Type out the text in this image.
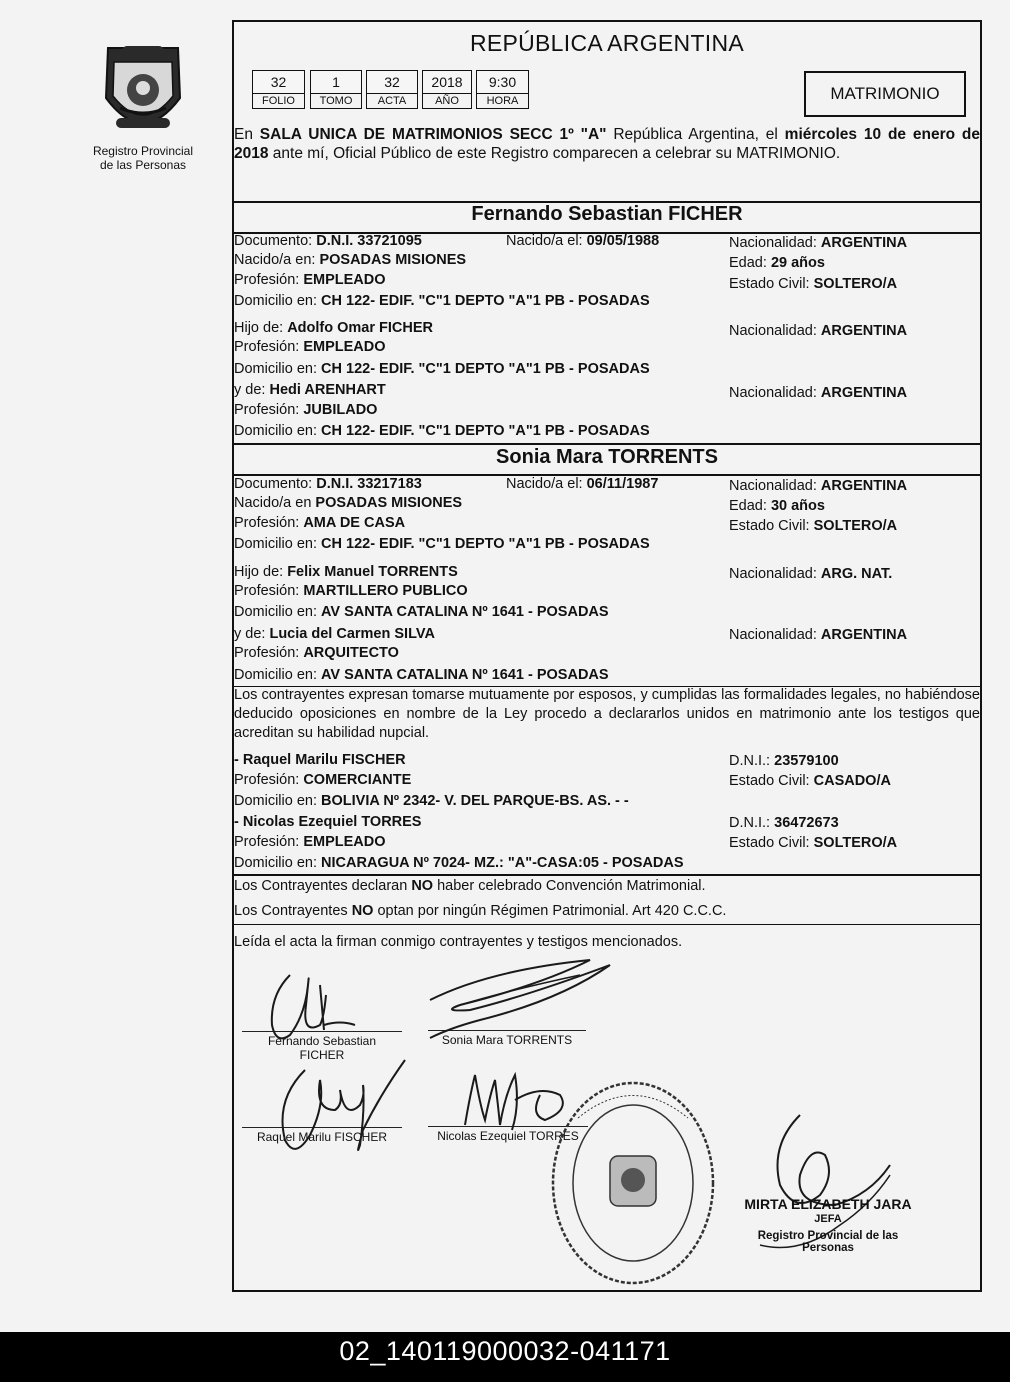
Registro Provincial
de las Personas
REPÚBLICA ARGENTINA
32
FOLIO
1
TOMO
32
ACTA
2018
AÑO
9:30
HORA	MATRIMONIO
En SALA UNICA DE MATRIMONIOS SECC 1º "A" República Argentina, el miércoles 10 de enero de 2018 ante mí, Oficial Público de este Registro comparecen a celebrar su MATRIMONIO.
Fernando Sebastian FICHER
Documento: D.N.I. 33721095	Nacido/a el: 09/05/1988	Nacionalidad: ARGENTINA
Nacido/a en: POSADAS MISIONES	Edad: 29 años
Profesión: EMPLEADO	Estado Civil: SOLTERO/A
Domicilio en: CH 122- EDIF. "C"1 DEPTO "A"1 PB - POSADAS
Hijo de: Adolfo Omar FICHER	Nacionalidad: ARGENTINA
Profesión: EMPLEADO
Domicilio en: CH 122- EDIF. "C"1 DEPTO "A"1 PB - POSADAS
y de: Hedi ARENHART	Nacionalidad: ARGENTINA
Profesión: JUBILADO
Domicilio en: CH 122- EDIF. "C"1 DEPTO "A"1 PB - POSADAS
Sonia Mara TORRENTS
Documento: D.N.I. 33217183	Nacido/a el: 06/11/1987	Nacionalidad: ARGENTINA
Nacido/a en POSADAS MISIONES	Edad: 30 años
Profesión: AMA DE CASA	Estado Civil: SOLTERO/A
Domicilio en: CH 122- EDIF. "C"1 DEPTO "A"1 PB - POSADAS
Hijo de: Felix Manuel TORRENTS	Nacionalidad: ARG. NAT.
Profesión: MARTILLERO PUBLICO
Domicilio en: AV SANTA CATALINA Nº 1641 - POSADAS
y de: Lucia del Carmen SILVA	Nacionalidad: ARGENTINA
Profesión: ARQUITECTO
Domicilio en: AV SANTA CATALINA Nº 1641 - POSADAS
Los contrayentes expresan tomarse mutuamente por esposos, y cumplidas las formalidades legales, no habiéndose deducido oposiciones en nombre de la Ley procedo a declararlos unidos en matrimonio ante los testigos que acreditan su habilidad nupcial.
- Raquel Marilu FISCHER	D.N.I.: 23579100
Profesión: COMERCIANTE	Estado Civil: CASADO/A
Domicilio en: BOLIVIA Nº 2342- V. DEL PARQUE-BS. AS. - -
- Nicolas Ezequiel TORRES	D.N.I.: 36472673
Profesión: EMPLEADO	Estado Civil: SOLTERO/A
Domicilio en: NICARAGUA Nº 7024- MZ.: "A"-CASA:05 - POSADAS
Los Contrayentes declaran NO haber celebrado Convención Matrimonial.
Los Contrayentes NO optan por ningún Régimen Patrimonial. Art 420 C.C.C.
Leída el acta la firman conmigo contrayentes y testigos mencionados.
Fernando Sebastian
FICHER
Sonia Mara TORRENTS
Raquel Marilu FISCHER	Nicolas Ezequiel TORRES
MIRTA ELIZABETH JARA
JEFA
Registro Provincial de las Personas
02_140119000032-041171
